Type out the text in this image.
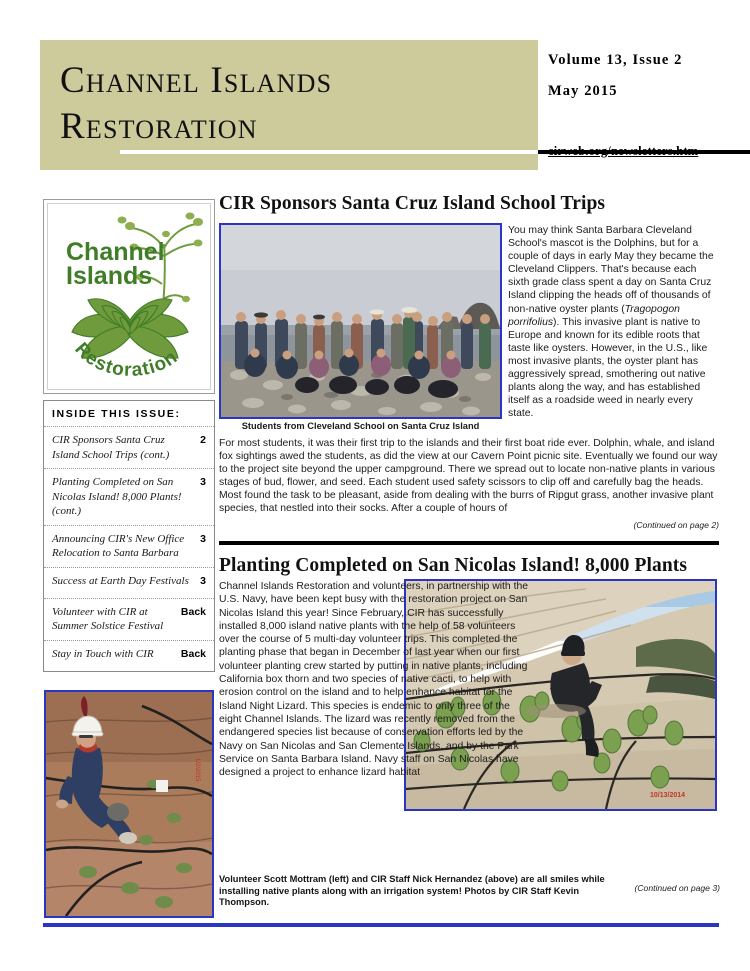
Channel Islands
Restoration
Volume 13, Issue 2
May 2015
Restoration
Channel
Islands
INSIDE THIS ISSUE:
CIR Sponsors Santa Cruz Island School Trips (cont.)
2
Planting Completed on San Nicolas Island! 8,000 Plants! (cont.)
3
Announcing CIR's New Office Relocation to Santa Barbara
3
Success at Earth Day Festivals	3
Volunteer with CIR at Summer Solstice Festival
Back
Stay in Touch with CIR	Back
1/2/2015
CIR Sponsors Santa Cruz Island School Trips
Students from Cleveland School on Santa Cruz Island
You may think Santa Barbara Cleveland School's mascot is the Dolphins, but for a couple of days in early May they became the Cleveland Clippers. That's because each sixth grade class spent a day on Santa Cruz Island clipping the heads off of thousands of non-native oyster plants (Tragopogon porrifolius). This invasive plant is native to Europe and known for its edible roots that taste like oysters. However, in the U.S., like most invasive plants, the oyster plant has aggressively spread, smothering out native plants along the way, and has established itself as a roadside weed in nearly every state.
For most students, it was their first trip to the islands and their first boat ride ever. Dolphin, whale, and island fox sightings awed the students, as did the view at our Cavern Point picnic site. Eventually we found our way to the project site beyond the upper campground. There we spread out to locate non-native plants in various stages of bud, flower, and seed. Each student used safety scissors to clip off and carefully bag the heads. Most found the task to be pleasant, aside from dealing with the burrs of Ripgut grass, another invasive plant species, that nestled into their socks. After a couple of hours of
(Continued on page 2)
Planting Completed on San Nicolas Island! 8,000 Plants
10/13/2014
Channel Islands Restoration and volunteers, in partnership with the U.S. Navy, have been kept busy with the restoration project on San Nicolas Island this year! Since February, CIR has successfully installed 8,000 island native plants with the help of 58 volunteers over the course of 5 multi-day volunteer trips. This completed the planting phase that began in December of last year when our first volunteer planting crew started by putting in native plants, including California box thorn and two species of native cacti, to help with erosion control on the island and to help enhance habitat for the Island Night Lizard. This species is endemic to only three of the eight Channel Islands. The lizard was recently removed from the endangered species list because of conservation efforts led by the Navy on San Nicolas and San Clemente Islands, and by the Park Service on Santa Barbara Island. Navy staff on San Nicolas have designed a project to enhance lizard habitat
Volunteer Scott Mottram (left) and CIR Staff Nick Hernandez (above) are all smiles while installing native plants along with an irrigation system! Photos by CIR Staff Kevin Thompson.
(Continued on page 3)
